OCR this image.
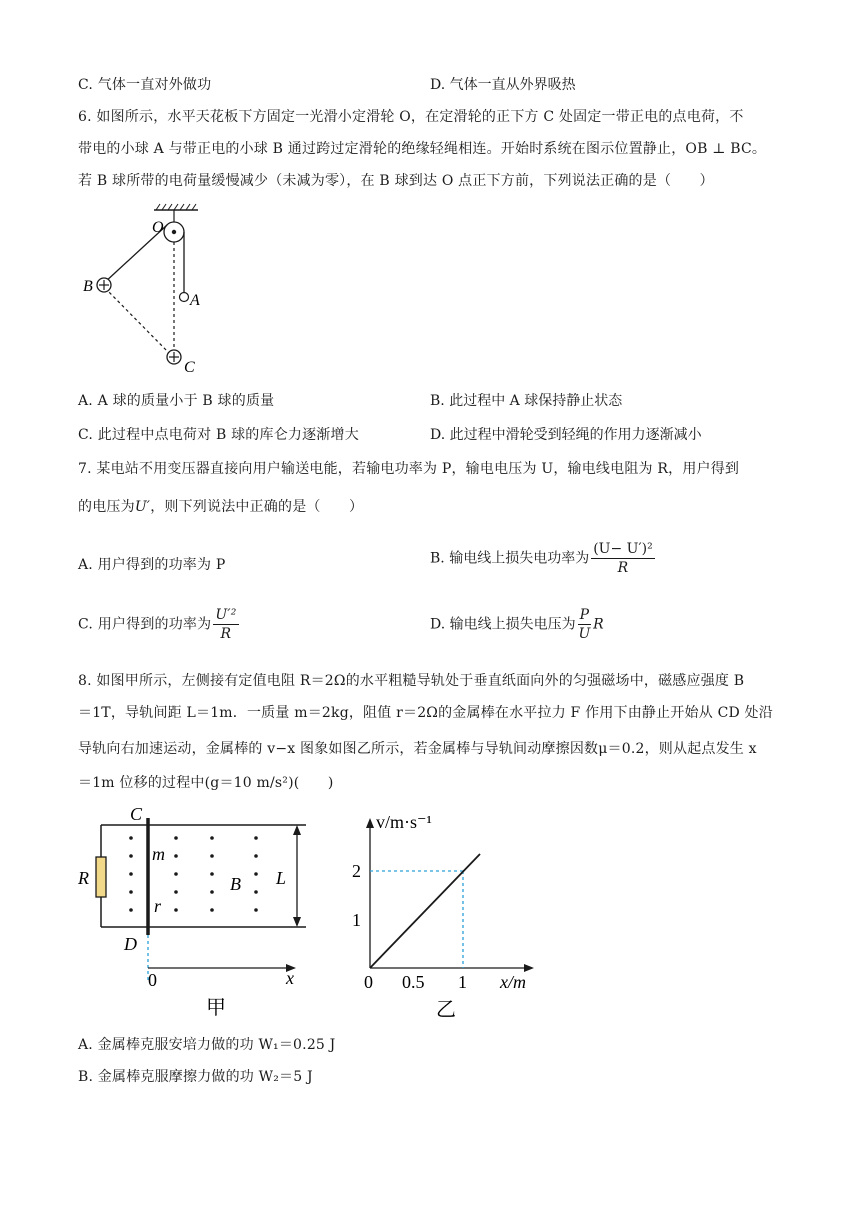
C. 气体一直对外做功	D. 气体一直从外界吸热
6. 如图所示，水平天花板下方固定一光滑小定滑轮 O，在定滑轮的正下方 C 处固定一带正电的点电荷，不
带电的小球 A 与带正电的小球 B 通过跨过定滑轮的绝缘轻绳相连。开始时系统在图示位置静止，OB ⊥ BC。
若 B 球所带的电荷量缓慢减少（未减为零），在 B 球到达 O 点正下方前，下列说法正确的是（　　）
O
A
B
C
A. A 球的质量小于 B 球的质量	B. 此过程中 A 球保持静止状态
C. 此过程中点电荷对 B 球的库仑力逐渐增大	D. 此过程中滑轮受到轻绳的作用力逐渐减小
7. 某电站不用变压器直接向用户输送电能，若输电功率为 P，输电电压为 U，输电线电阻为 R，用户得到
的电压为U′，则下列说法中正确的是（　　）
A. 用户得到的功率为 P	B. 输电线上损失电功率为 $\frac{\text{(U− U′)²}}{R}$
C. 用户得到的功率为 $\frac{\text{U′²}}{R}$	D. 输电线上损失电压为 $\frac{P}{U}$ R
8. 如图甲所示，左侧接有定值电阻 R＝2Ω的水平粗糙导轨处于垂直纸面向外的匀强磁场中，磁感应强度 B
＝1T，导轨间距 L＝1m．一质量 m＝2kg，阻值 r＝2Ω的金属棒在水平拉力 F 作用下由静止开始从 CD 处沿
导轨向右加速运动，金属棒的 v−x 图象如图乙所示，若金属棒与导轨间动摩擦因数μ＝0.2，则从起点发生 x
＝1m 位移的过程中(g＝10 m/s²)(　　)
C
D
R
m
r
B L
0	x
甲
v/m·s⁻¹
2
1
0 0.5 1 x/m
乙
A. 金属棒克服安培力做的功 W₁＝0.25 J
B. 金属棒克服摩擦力做的功 W₂＝5 J
